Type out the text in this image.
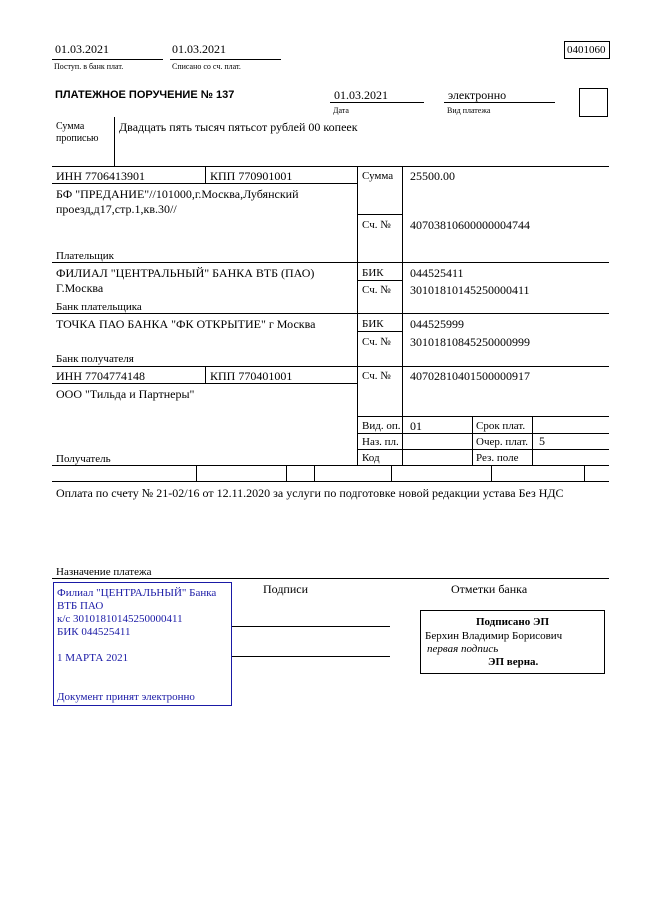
01.03.2021
Поступ. в банк плат.
01.03.2021
Списано со сч. плат.
0401060
ПЛАТЕЖНОЕ ПОРУЧЕНИЕ № 137	01.03.2021
Дата
электронно
Вид платежа
Сумма
прописью
Двадцать пять тысяч пятьсот рублей 00 копеек
ИНН 7706413901	КПП 770901001
БФ "ПРЕДАНИЕ"//101000,г.Москва,Лубянский
проезд,д17,стр.1,кв.30//
Плательщик
Сумма 25500.00
Сч. № 40703810600000004744
ФИЛИАЛ "ЦЕНТРАЛЬНЫЙ" БАНКА ВТБ (ПАО)
Г.Москва
Банк плательщика
БИК 044525411
Сч. № 30101810145250000411
ТОЧКА ПАО БАНКА "ФК ОТКРЫТИЕ" г Москва
Банк получателя
БИК 044525999
Сч. № 30101810845250000999
ИНН 7704774148	КПП 770401001	Сч. № 40702810401500000917
ООО "Тильда и Партнеры"
Получатель
Вид. оп. 01	Срок плат.
Наз. пл.	Очер. плат. 5
Код	Рез. поле
Оплата по счету № 21-02/16 от 12.11.2020 за услуги по подготовке новой редакции устава Без НДС
Назначение платежа
Филиал "ЦЕНТРАЛЬНЫЙ" Банка
ВТБ ПАО
к/с 30101810145250000411
БИК 044525411
1 МАРТА 2021
Документ принят электронно
Подписи	Отметки банка
Подписано ЭП
Берхин Владимир Борисович
первая подпись
ЭП верна.
